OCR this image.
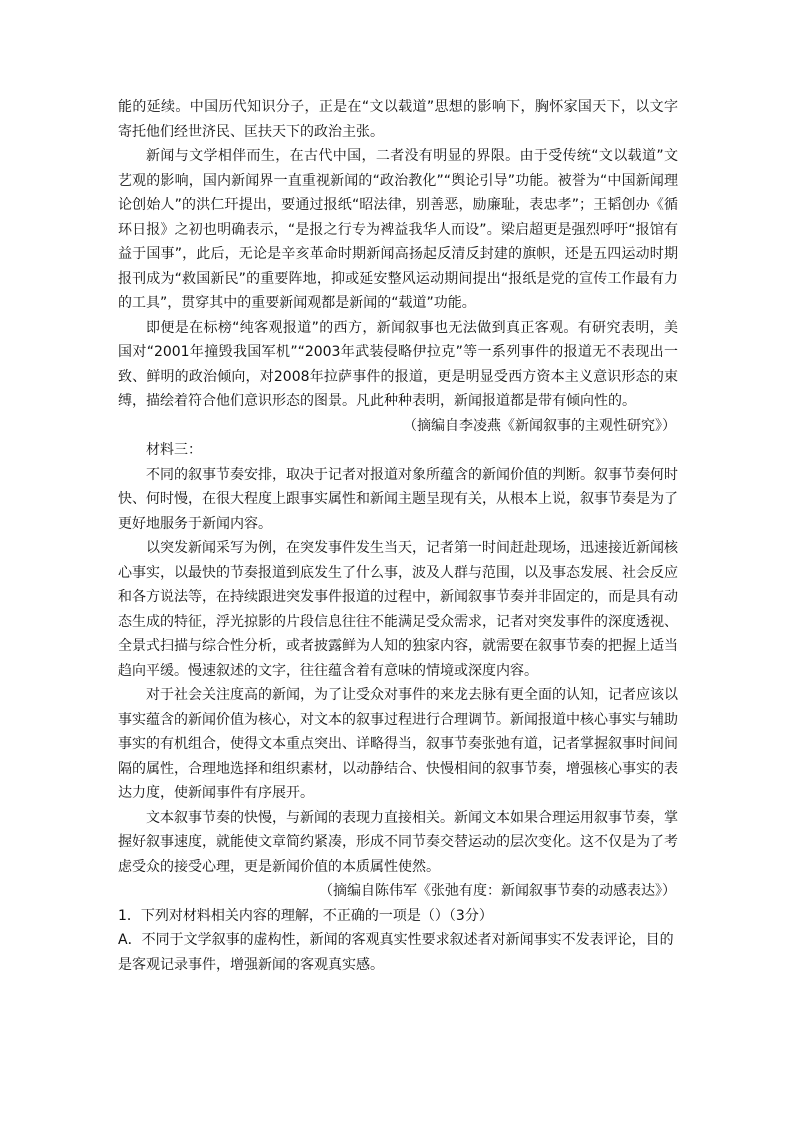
能的延续。中国历代知识分子，正是在“文以载道”思想的影响下，胸怀家国天下，以文字寄托他们经世济民、匡扶天下的政治主张。

新闻与文学相伴而生，在古代中国，二者没有明显的界限。由于受传统“文以载道”文艺观的影响，国内新闻界一直重视新闻的“政治教化”“舆论引导”功能。被誉为“中国新闻理论创始人”的洪仁玕提出，要通过报纸“昭法律，别善恶，励廉耻，表忠孝”；王韬创办《循环日报》之初也明确表示，“是报之行专为裨益我华人而设”。梁启超更是强烈呼吁“报馆有益于国事”，此后，无论是辛亥革命时期新闻高扬起反清反封建的旗帜，还是五四运动时期报刊成为“救国新民”的重要阵地，抑或延安整风运动期间提出“报纸是党的宣传工作最有力的工具”，贯穿其中的重要新闻观都是新闻的“载道”功能。

即便是在标榜“纯客观报道”的西方，新闻叙事也无法做到真正客观。有研究表明，美国对“2001年撞毁我国军机”“2003年武装侵略伊拉克”等一系列事件的报道无不表现出一致、鲜明的政治倾向，对2008年拉萨事件的报道，更是明显受西方资本主义意识形态的束缚，描绘着符合他们意识形态的图景。凡此种种表明，新闻报道都是带有倾向性的。

（摘编自李凌燕《新闻叙事的主观性研究》）

材料三：

不同的叙事节奏安排，取决于记者对报道对象所蕴含的新闻价值的判断。叙事节奏何时快、何时慢，在很大程度上跟事实属性和新闻主题呈现有关，从根本上说，叙事节奏是为了更好地服务于新闻内容。

以突发新闻采写为例，在突发事件发生当天，记者第一时间赶赴现场，迅速接近新闻核心事实，以最快的节奏报道到底发生了什么事，波及人群与范围，以及事态发展、社会反应和各方说法等，在持续跟进突发事件报道的过程中，新闻叙事节奏并非固定的，而是具有动态生成的特征，浮光掠影的片段信息往往不能满足受众需求，记者对突发事件的深度透视、全景式扫描与综合性分析，或者披露鲜为人知的独家内容，就需要在叙事节奏的把握上适当趋向平缓。慢速叙述的文字，往往蕴含着有意味的情境或深度内容。

对于社会关注度高的新闻，为了让受众对事件的来龙去脉有更全面的认知，记者应该以事实蕴含的新闻价值为核心，对文本的叙事过程进行合理调节。新闻报道中核心事实与辅助事实的有机组合，使得文本重点突出、详略得当，叙事节奏张弛有道，记者掌握叙事时间间隔的属性，合理地选择和组织素材，以动静结合、快慢相间的叙事节奏，增强核心事实的表达力度，使新闻事件有序展开。

文本叙事节奏的快慢，与新闻的表现力直接相关。新闻文本如果合理运用叙事节奏，掌握好叙事速度，就能使文章简约紧凑，形成不同节奏交替运动的层次变化。这不仅是为了考虑受众的接受心理，更是新闻价值的本质属性使然。

（摘编自陈伟军《张弛有度：新闻叙事节奏的动感表达》）

1．下列对材料相关内容的理解，不正确的一项是（）（3分）

A．不同于文学叙事的虚构性，新闻的客观真实性要求叙述者对新闻事实不发表评论，目的是客观记录事件，增强新闻的客观真实感。
